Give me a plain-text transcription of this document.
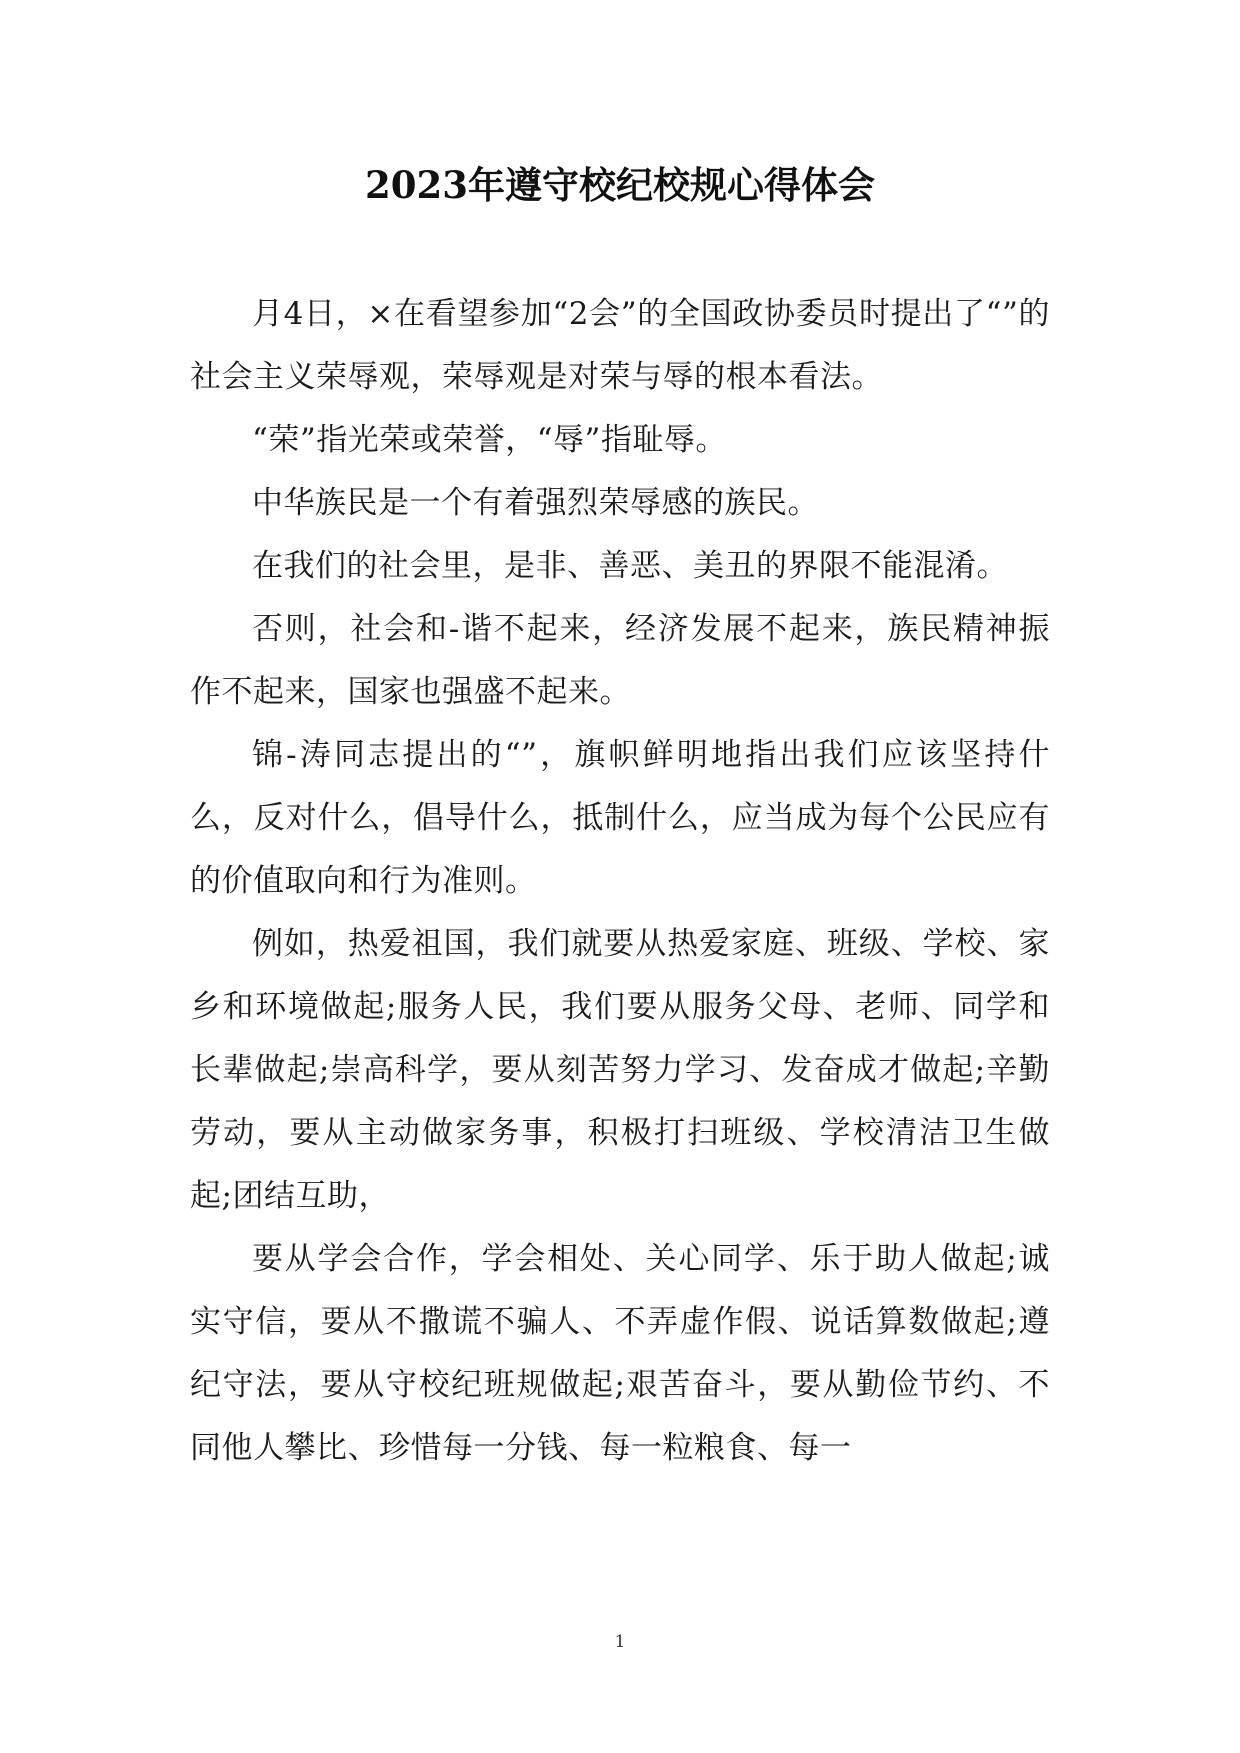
2023年遵守校纪校规心得体会

月4日，×在看望参加“2会”的全国政协委员时提出了“”的社会主义荣辱观，荣辱观是对荣与辱的根本看法。

“荣”指光荣或荣誉，“辱”指耻辱。

中华族民是一个有着强烈荣辱感的族民。

在我们的社会里，是非、善恶、美丑的界限不能混淆。

否则，社会和-谐不起来，经济发展不起来，族民精神振作不起来，国家也强盛不起来。

锦-涛同志提出的“”，旗帜鲜明地指出我们应该坚持什么，反对什么，倡导什么，抵制什么，应当成为每个公民应有的价值取向和行为准则。

例如，热爱祖国，我们就要从热爱家庭、班级、学校、家乡和环境做起;服务人民，我们要从服务父母、老师、同学和长辈做起;崇高科学，要从刻苦努力学习、发奋成才做起;辛勤劳动，要从主动做家务事，积极打扫班级、学校清洁卫生做起;团结互助，

要从学会合作，学会相处、关心同学、乐于助人做起;诚实守信，要从不撒谎不骗人、不弄虚作假、说话算数做起;遵纪守法，要从守校纪班规做起;艰苦奋斗，要从勤俭节约、不同他人攀比、珍惜每一分钱、每一粒粮食、每一

1
